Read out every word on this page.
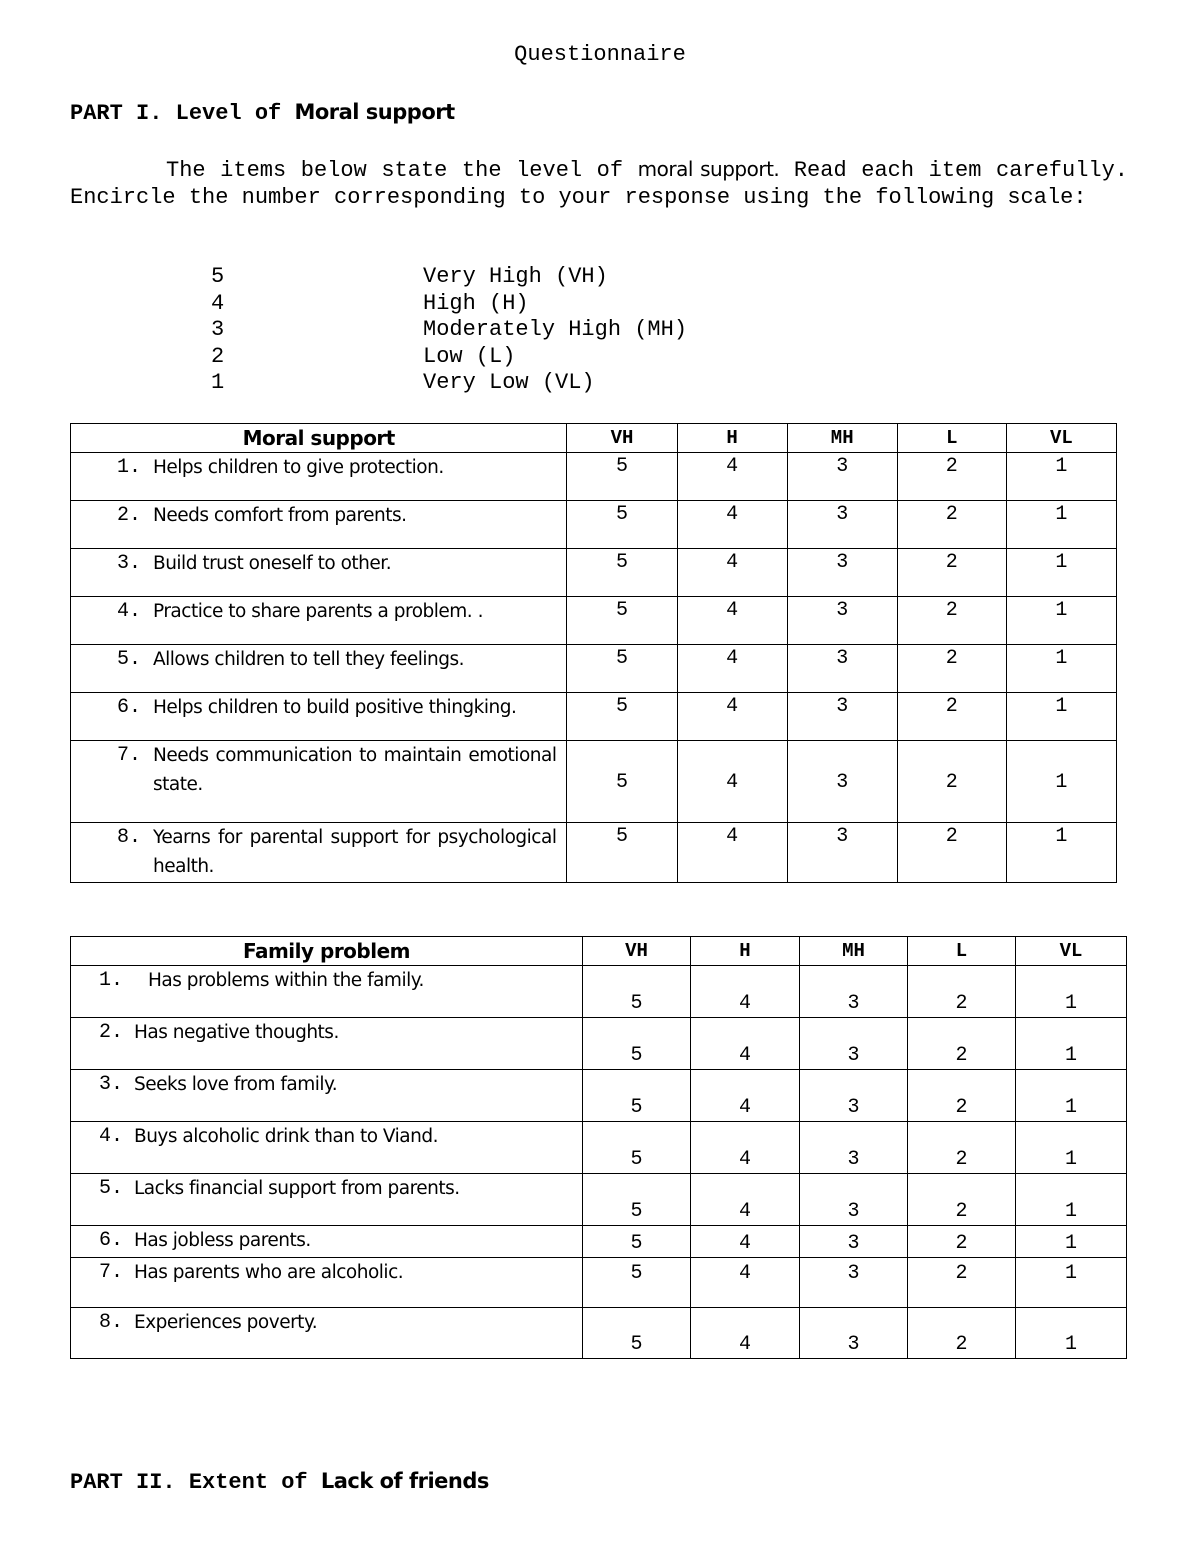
Questionnaire
PART I. Level of Moral support
The items below state the level of moral support. Read each item carefully. Encircle the number corresponding to your response using the following scale:
5	Very High (VH)
4	High (H)
3	Moderately High (MH)
2	Low (L)
1	Very Low (VL)
Moral support	VH	H	MH	L	VL

1. Helps children to give protection.	5	4	3	2	1

2. Needs comfort from parents.	5	4	3	2	1

3. Build trust oneself to other.	5	4	3	2	1

4. Practice to share parents a problem. .	5	4	3	2	1

5. Allows children to tell they feelings.	5	4	3	2	1

6. Helps children to build positive thingking.	5	4	3	2	1

7. Needs communication to maintain emotional state.	5	4	3	2	1

8. Yearns for parental support for psychological health.	5	4	3	2	1
Family problem	VH	H	MH	L	VL

1. Has problems within the family.	5	4	3	2	1

2. Has negative thoughts.	5	4	3	2	1

3. Seeks love from family.	5	4	3	2	1

4. Buys alcoholic drink than to Viand.	5	4	3	2	1

5. Lacks financial support from parents.	5	4	3	2	1

6. Has jobless parents.	5	4	3	2	1

7. Has parents who are alcoholic.	5	4	3	2	1

8. Experiences poverty.	5	4	3	2	1
PART II. Extent of Lack of friends
